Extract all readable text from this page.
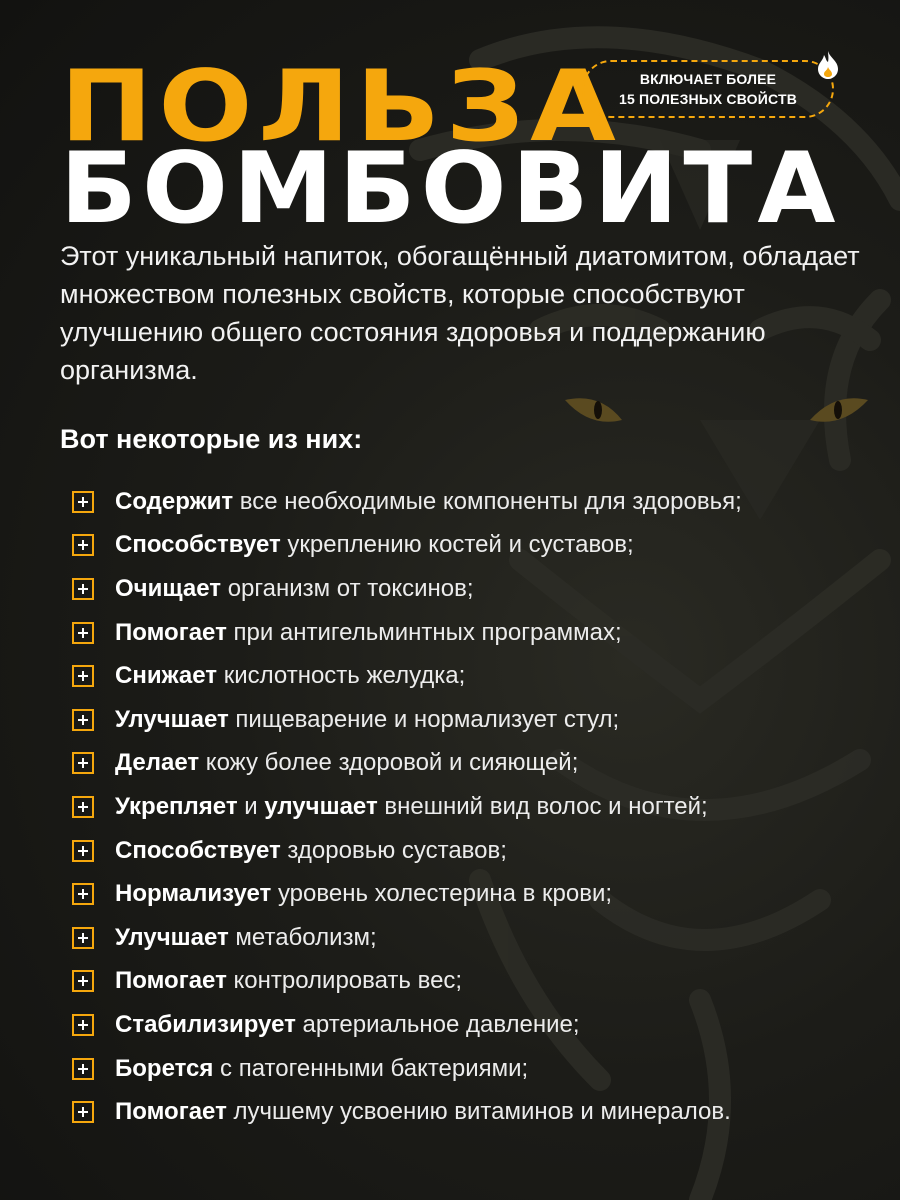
ПОЛЬЗА
БОМБОВИТА
ВКЛЮЧАЕТ БОЛЕЕ
15 ПОЛЕЗНЫХ СВОЙСТВ

Этот уникальный напиток, обогащённый диатомитом, обладает множеством полезных свойств, которые способствуют улучшению общего состояния здоровья и поддержанию организма.

Вот некоторые из них:
Содержит все необходимые компоненты для здоровья;
Способствует укреплению костей и суставов;
Очищает организм от токсинов;
Помогает при антигельминтных программах;
Снижает кислотность желудка;
Улучшает пищеварение и нормализует стул;
Делает кожу более здоровой и сияющей;
Укрепляет и улучшает внешний вид волос и ногтей;
Способствует здоровью суставов;
Нормализует уровень холестерина в крови;
Улучшает метаболизм;
Помогает контролировать вес;
Стабилизирует артериальное давление;
Борется с патогенными бактериями;
Помогает лучшему усвоению витаминов и минералов.
